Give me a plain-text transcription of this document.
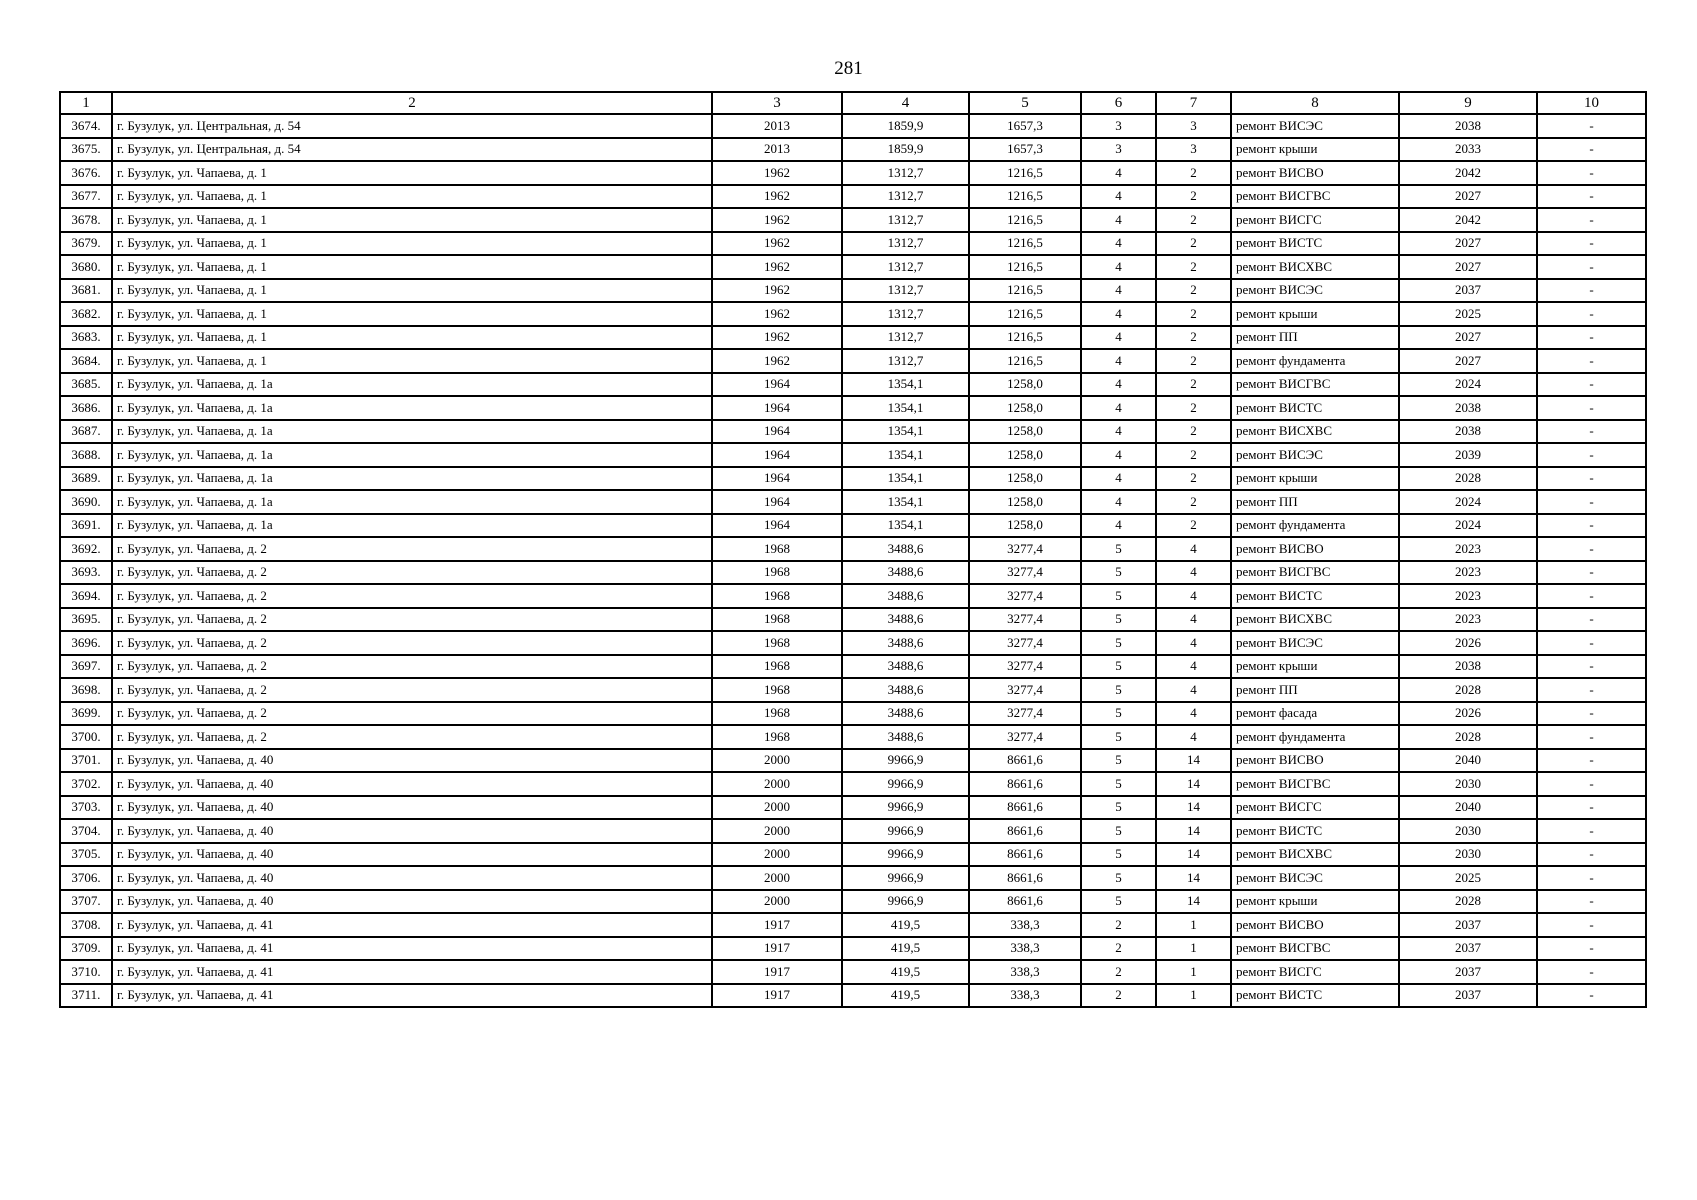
281
1	2	3	4	5	6	7	8	9	10
3674.	г. Бузулук, ул. Центральная, д. 54	2013	1859,9	1657,3	3	3	ремонт ВИСЭС	2038	-
3675.	г. Бузулук, ул. Центральная, д. 54	2013	1859,9	1657,3	3	3	ремонт крыши	2033	-
3676.	г. Бузулук, ул. Чапаева, д. 1	1962	1312,7	1216,5	4	2	ремонт ВИСВО	2042	-
3677.	г. Бузулук, ул. Чапаева, д. 1	1962	1312,7	1216,5	4	2	ремонт ВИСГВС	2027	-
3678.	г. Бузулук, ул. Чапаева, д. 1	1962	1312,7	1216,5	4	2	ремонт ВИСГС	2042	-
3679.	г. Бузулук, ул. Чапаева, д. 1	1962	1312,7	1216,5	4	2	ремонт ВИСТС	2027	-
3680.	г. Бузулук, ул. Чапаева, д. 1	1962	1312,7	1216,5	4	2	ремонт ВИСХВС	2027	-
3681.	г. Бузулук, ул. Чапаева, д. 1	1962	1312,7	1216,5	4	2	ремонт ВИСЭС	2037	-
3682.	г. Бузулук, ул. Чапаева, д. 1	1962	1312,7	1216,5	4	2	ремонт крыши	2025	-
3683.	г. Бузулук, ул. Чапаева, д. 1	1962	1312,7	1216,5	4	2	ремонт ПП	2027	-
3684.	г. Бузулук, ул. Чапаева, д. 1	1962	1312,7	1216,5	4	2	ремонт фундамента	2027	-
3685.	г. Бузулук, ул. Чапаева, д. 1а	1964	1354,1	1258,0	4	2	ремонт ВИСГВС	2024	-
3686.	г. Бузулук, ул. Чапаева, д. 1а	1964	1354,1	1258,0	4	2	ремонт ВИСТС	2038	-
3687.	г. Бузулук, ул. Чапаева, д. 1а	1964	1354,1	1258,0	4	2	ремонт ВИСХВС	2038	-
3688.	г. Бузулук, ул. Чапаева, д. 1а	1964	1354,1	1258,0	4	2	ремонт ВИСЭС	2039	-
3689.	г. Бузулук, ул. Чапаева, д. 1а	1964	1354,1	1258,0	4	2	ремонт крыши	2028	-
3690.	г. Бузулук, ул. Чапаева, д. 1а	1964	1354,1	1258,0	4	2	ремонт ПП	2024	-
3691.	г. Бузулук, ул. Чапаева, д. 1а	1964	1354,1	1258,0	4	2	ремонт фундамента	2024	-
3692.	г. Бузулук, ул. Чапаева, д. 2	1968	3488,6	3277,4	5	4	ремонт ВИСВО	2023	-
3693.	г. Бузулук, ул. Чапаева, д. 2	1968	3488,6	3277,4	5	4	ремонт ВИСГВС	2023	-
3694.	г. Бузулук, ул. Чапаева, д. 2	1968	3488,6	3277,4	5	4	ремонт ВИСТС	2023	-
3695.	г. Бузулук, ул. Чапаева, д. 2	1968	3488,6	3277,4	5	4	ремонт ВИСХВС	2023	-
3696.	г. Бузулук, ул. Чапаева, д. 2	1968	3488,6	3277,4	5	4	ремонт ВИСЭС	2026	-
3697.	г. Бузулук, ул. Чапаева, д. 2	1968	3488,6	3277,4	5	4	ремонт крыши	2038	-
3698.	г. Бузулук, ул. Чапаева, д. 2	1968	3488,6	3277,4	5	4	ремонт ПП	2028	-
3699.	г. Бузулук, ул. Чапаева, д. 2	1968	3488,6	3277,4	5	4	ремонт фасада	2026	-
3700.	г. Бузулук, ул. Чапаева, д. 2	1968	3488,6	3277,4	5	4	ремонт фундамента	2028	-
3701.	г. Бузулук, ул. Чапаева, д. 40	2000	9966,9	8661,6	5	14	ремонт ВИСВО	2040	-
3702.	г. Бузулук, ул. Чапаева, д. 40	2000	9966,9	8661,6	5	14	ремонт ВИСГВС	2030	-
3703.	г. Бузулук, ул. Чапаева, д. 40	2000	9966,9	8661,6	5	14	ремонт ВИСГС	2040	-
3704.	г. Бузулук, ул. Чапаева, д. 40	2000	9966,9	8661,6	5	14	ремонт ВИСТС	2030	-
3705.	г. Бузулук, ул. Чапаева, д. 40	2000	9966,9	8661,6	5	14	ремонт ВИСХВС	2030	-
3706.	г. Бузулук, ул. Чапаева, д. 40	2000	9966,9	8661,6	5	14	ремонт ВИСЭС	2025	-
3707.	г. Бузулук, ул. Чапаева, д. 40	2000	9966,9	8661,6	5	14	ремонт крыши	2028	-
3708.	г. Бузулук, ул. Чапаева, д. 41	1917	419,5	338,3	2	1	ремонт ВИСВО	2037	-
3709.	г. Бузулук, ул. Чапаева, д. 41	1917	419,5	338,3	2	1	ремонт ВИСГВС	2037	-
3710.	г. Бузулук, ул. Чапаева, д. 41	1917	419,5	338,3	2	1	ремонт ВИСГС	2037	-
3711.	г. Бузулук, ул. Чапаева, д. 41	1917	419,5	338,3	2	1	ремонт ВИСТС	2037	-
